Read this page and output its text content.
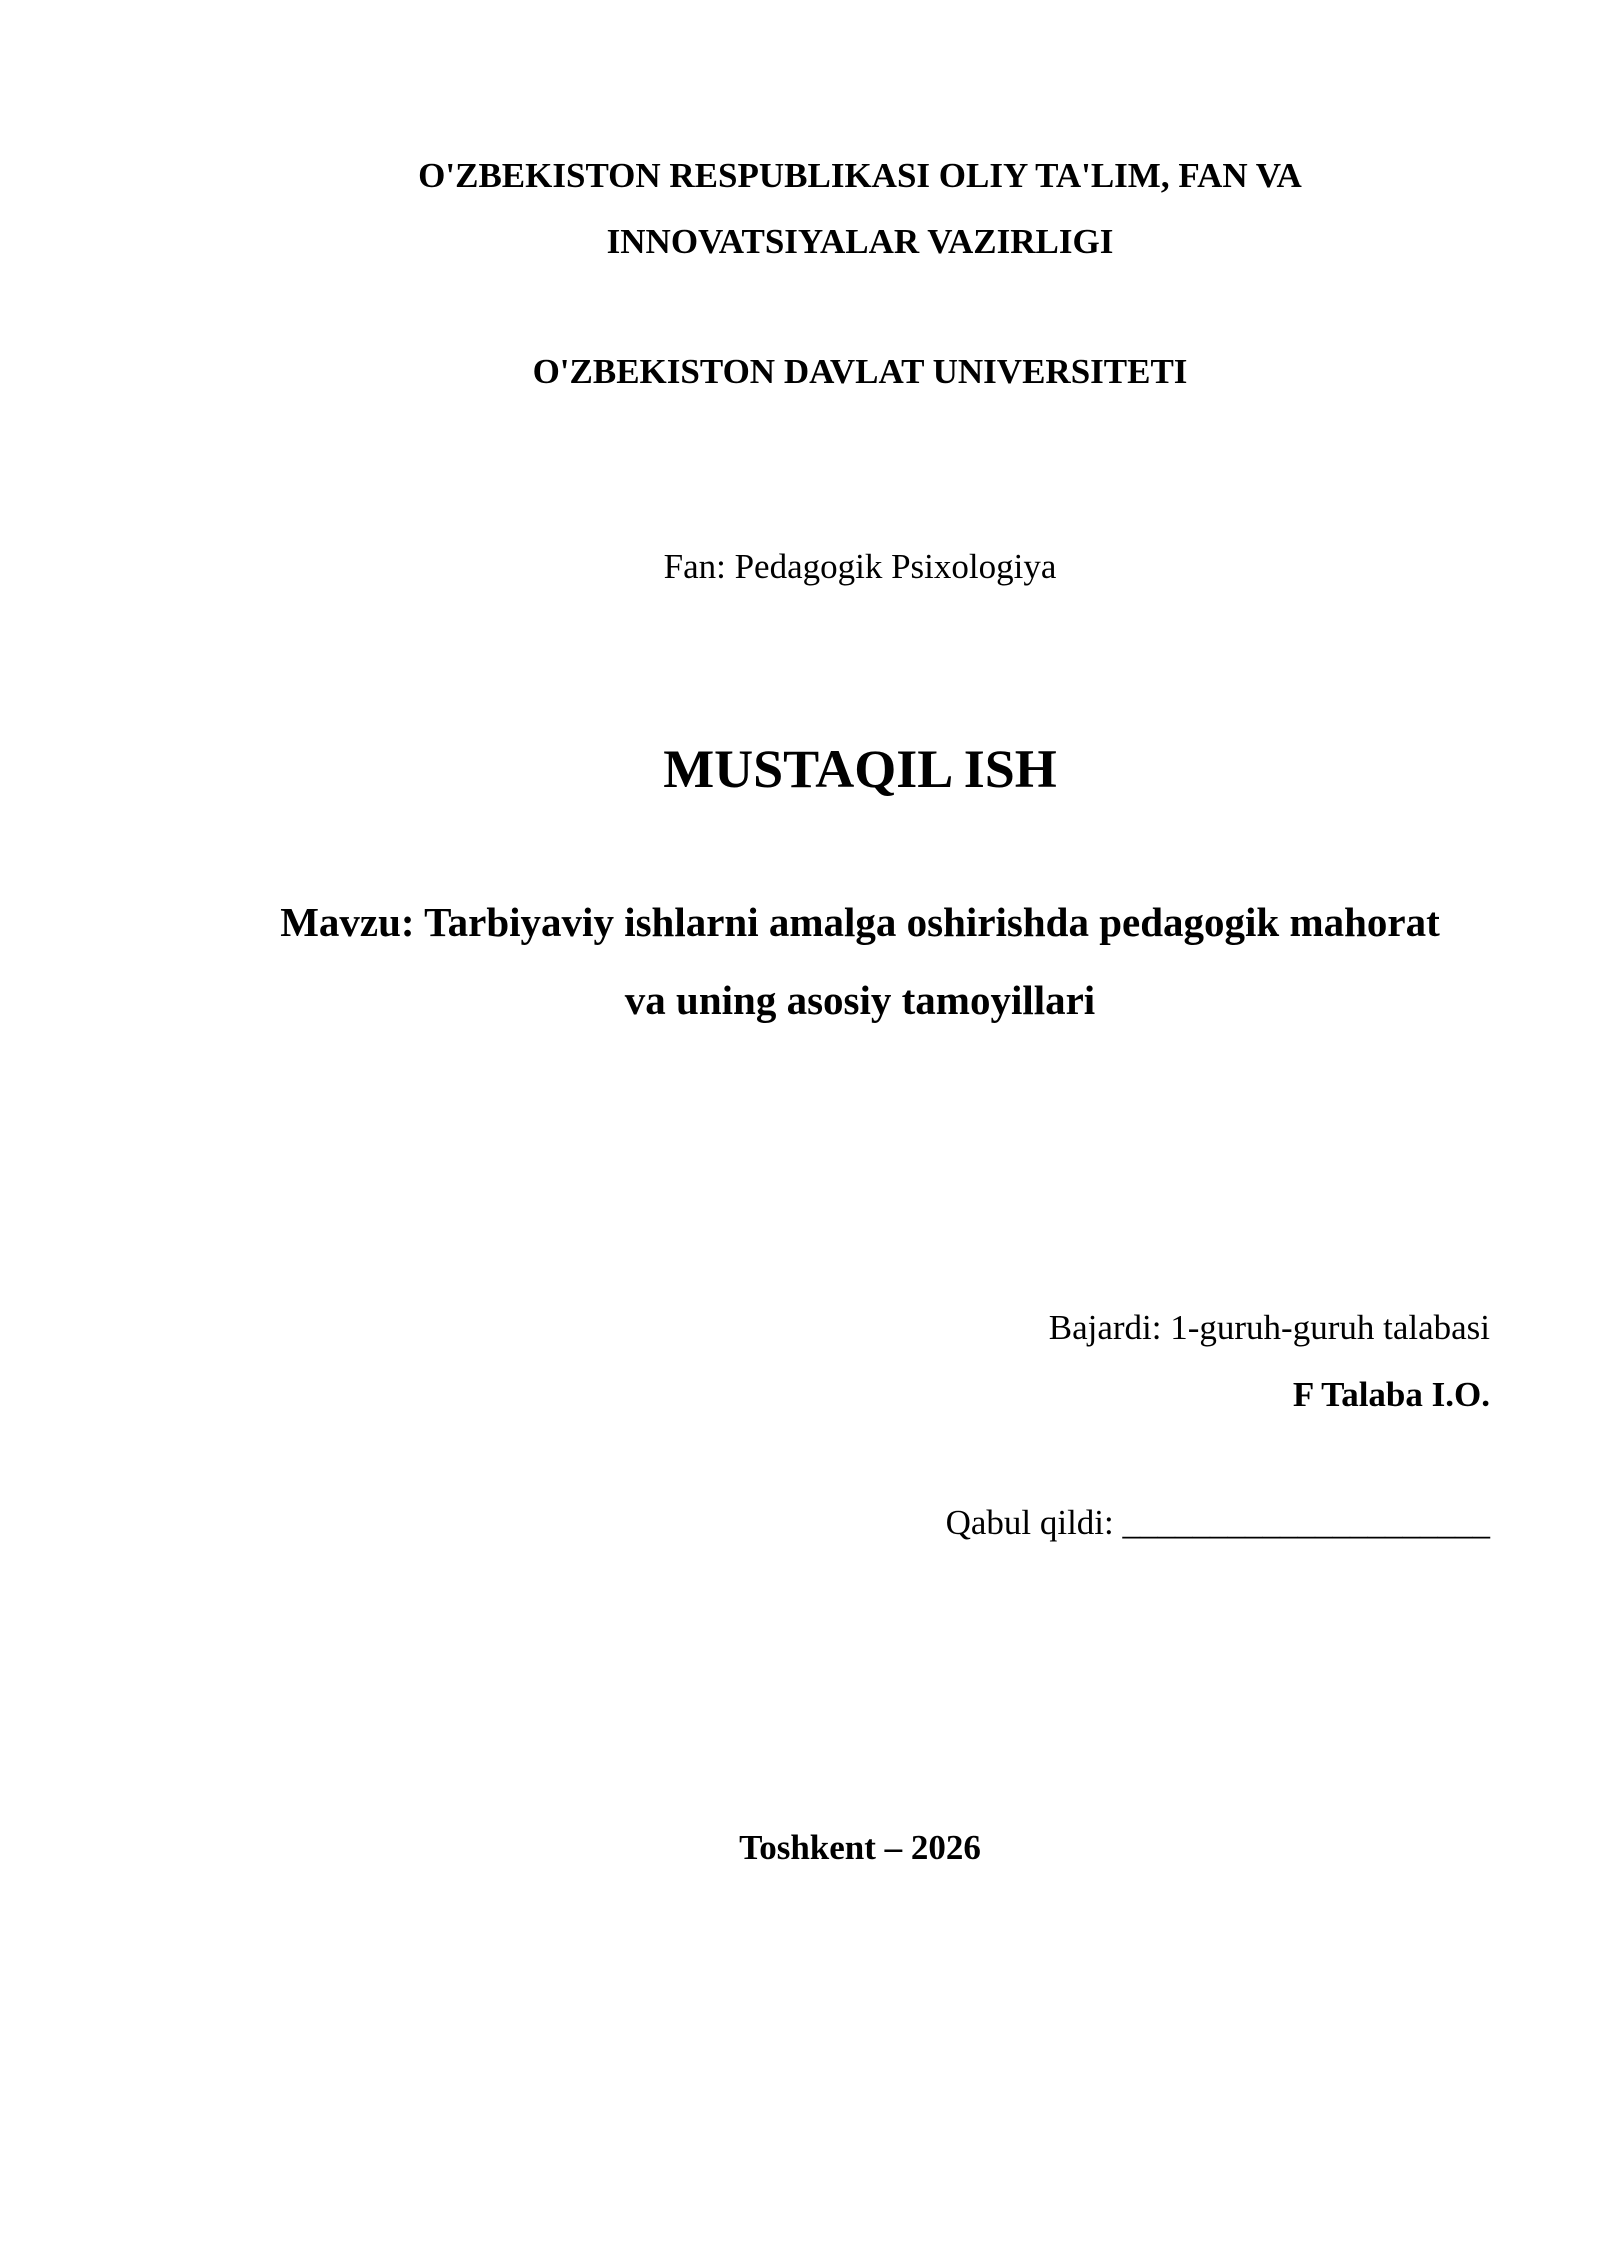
O'ZBEKISTON RESPUBLIKASI OLIY TA'LIM, FAN VA
INNOVATSIYALAR VAZIRLIGI
O'ZBEKISTON DAVLAT UNIVERSITETI
Fan: Pedagogik Psixologiya
MUSTAQIL ISH
Mavzu: Tarbiyaviy ishlarni amalga oshirishda pedagogik mahorat
va uning asosiy tamoyillari
Bajardi: 1-guruh-guruh talabasi
F Talaba I.O.
Qabul qildi: _____________________
Toshkent – 2026
